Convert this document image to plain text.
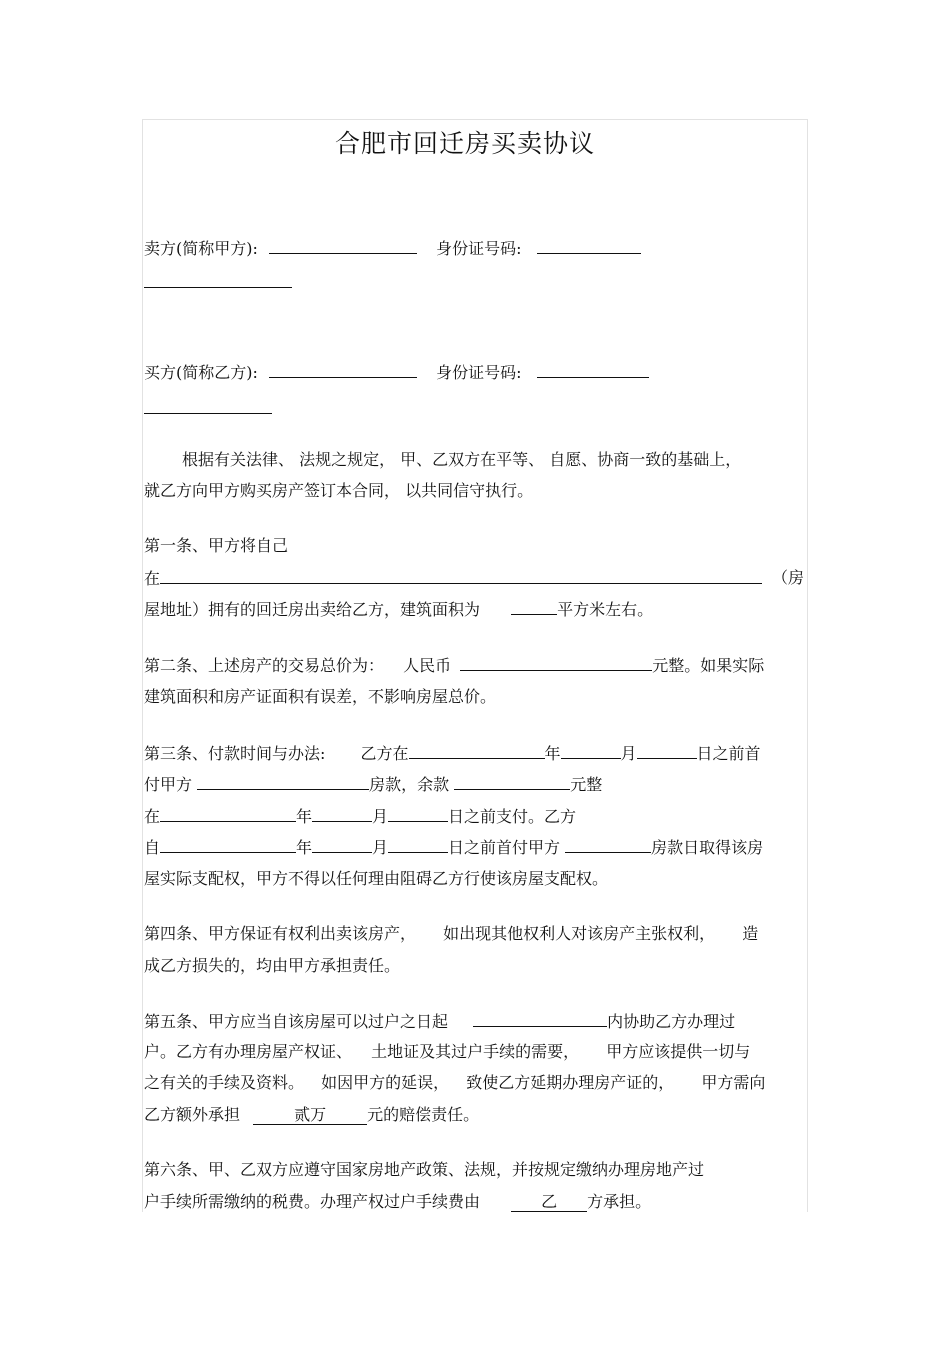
合肥市回迁房买卖协议
卖方(简称甲方):	身份证号码:
买方(简称乙方):	身份证号码:
根据有关法律、 法规之规定， 甲、乙双方在平等、 自愿、协商一致的基础上，
就乙方向甲方购买房产签订本合同， 以共同信守执行。
第一条、甲方将自己
在	（房
屋地址）拥有的回迁房出卖给乙方，建筑面积为	平方米左右。
第二条、上述房产的交易总价为： 人民币	元整。如果实际
建筑面积和房产证面积有误差，不影响房屋总价。
第三条、付款时间与办法: 乙方在	年	月	日之前首
付甲方	房款，余款	元整
在	年	月	日之前支付。乙方
自	年	月	日之前首付甲方	房款日取得该房
屋实际支配权，甲方不得以任何理由阻碍乙方行使该房屋支配权。
第四条、甲方保证有权利出卖该房产， 如出现其他权利人对该房产主张权利， 造
成乙方损失的，均由甲方承担责任。
第五条、甲方应当自该房屋可以过户之日起	内协助乙方办理过
户。乙方有办理房屋产权证、 土地证及其过户手续的需要， 甲方应该提供一切与
之有关的手续及资料。 如因甲方的延误， 致使乙方延期办理房产证的， 甲方需向
乙方额外承担	贰万	元的赔偿责任。
第六条、甲、乙双方应遵守国家房地产政策、法规，并按规定缴纳办理房地产过
户手续所需缴纳的税费。办理产权过户手续费由	乙 方承担。
